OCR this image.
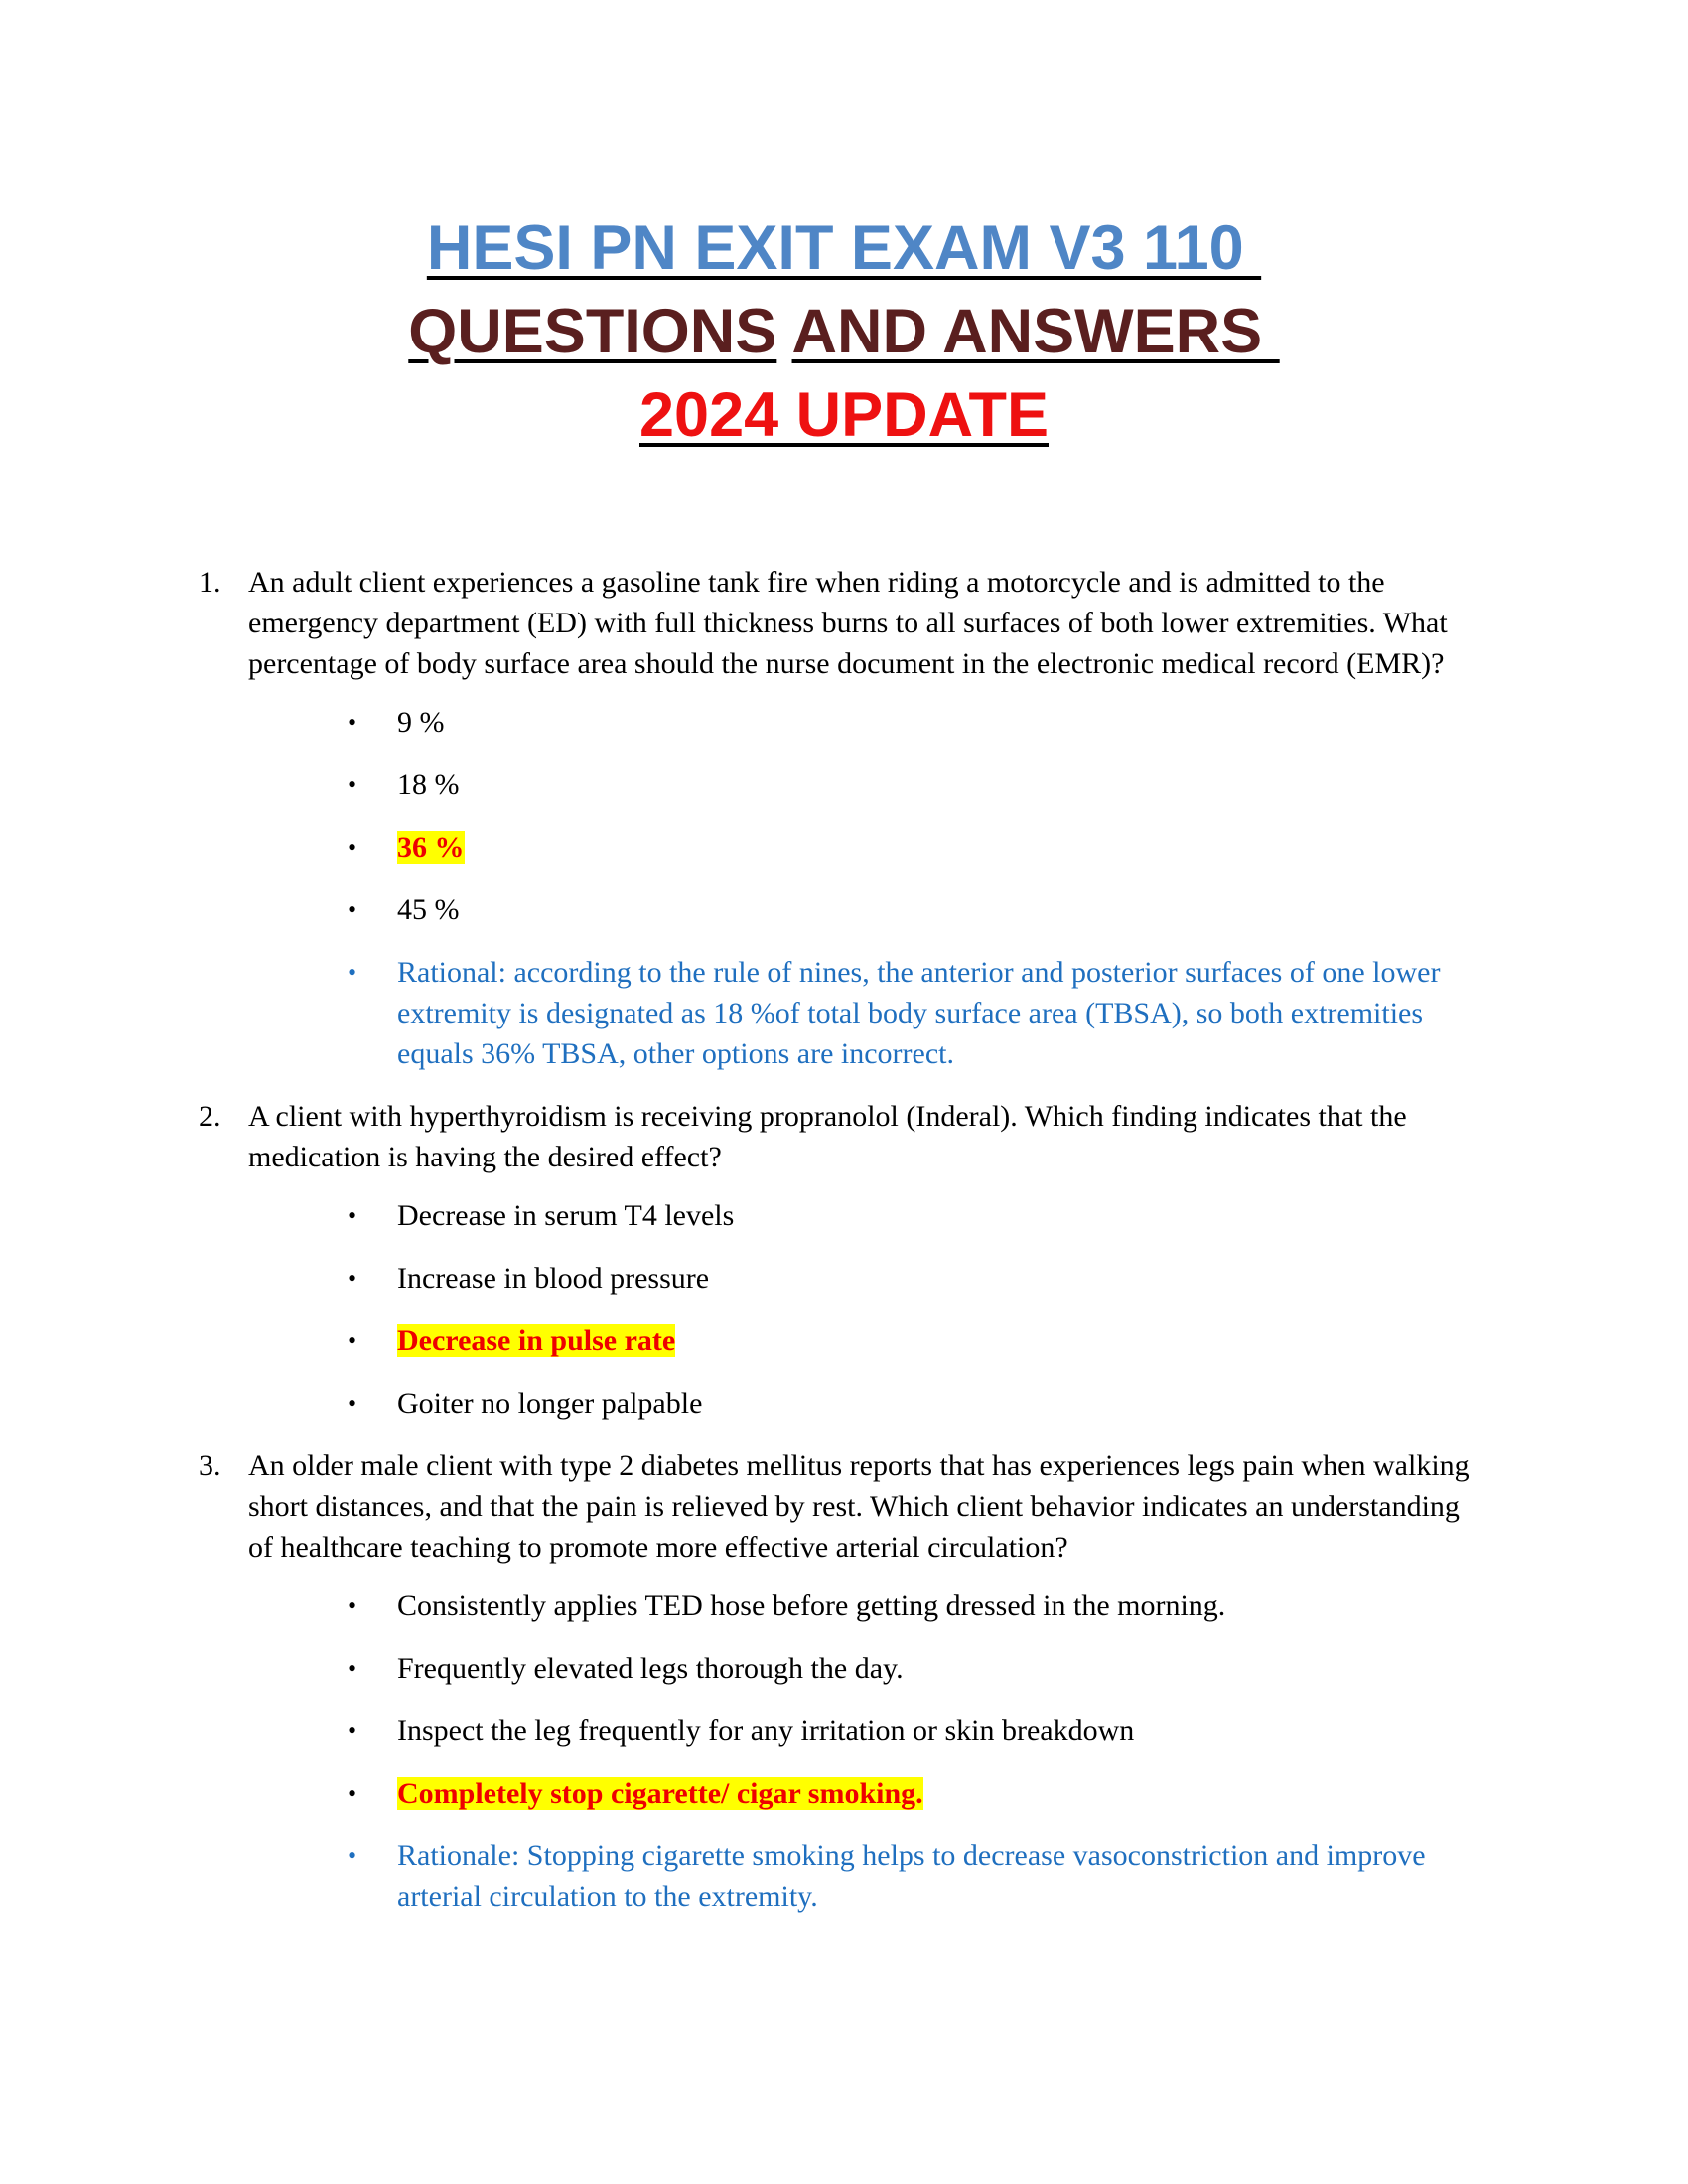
HESI PN EXIT EXAM V3 110
QUESTIONS AND ANSWERS
2024 UPDATE
1. An adult client experiences a gasoline tank fire when riding a motorcycle and is admitted to the emergency department (ED) with full thickness burns to all surfaces of both lower extremities. What percentage of body surface area should the nurse document in the electronic medical record (EMR)?

• 9 %
• 18 %
• 36 %
• 45 %
• Rational: according to the rule of nines, the anterior and posterior surfaces of one lower extremity is designated as 18 %of total body surface area (TBSA), so both extremities equals 36% TBSA, other options are incorrect.
2. A client with hyperthyroidism is receiving propranolol (Inderal). Which finding indicates that the medication is having the desired effect?

• Decrease in serum T4 levels
• Increase in blood pressure
• Decrease in pulse rate
• Goiter no longer palpable
3. An older male client with type 2 diabetes mellitus reports that has experiences legs pain when walking short distances, and that the pain is relieved by rest. Which client behavior indicates an understanding of healthcare teaching to promote more effective arterial circulation?

• Consistently applies TED hose before getting dressed in the morning.
• Frequently elevated legs thorough the day.
• Inspect the leg frequently for any irritation or skin breakdown
• Completely stop cigarette/ cigar smoking.
• Rationale: Stopping cigarette smoking helps to decrease vasoconstriction and improve arterial circulation to the extremity.
